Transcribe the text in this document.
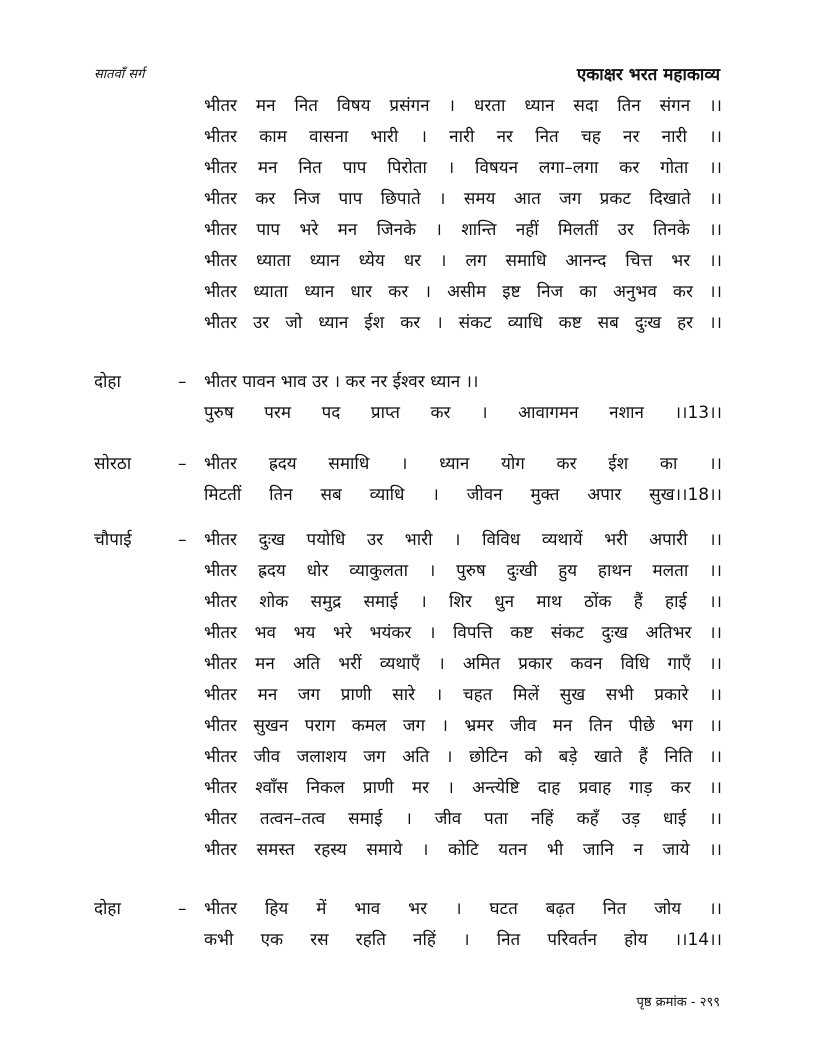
सातवाँ सर्ग	एकाक्षर भरत महाकाव्य
भीतर मन नित विषय प्रसंगन । धरता ध्यान सदा तिन संगन ।।
भीतर काम वासना भारी । नारी नर नित चह नर नारी ।।
भीतर मन नित पाप पिरोता । विषयन लगा–लगा कर गोता ।।
भीतर कर निज पाप छिपाते । समय आत जग प्रकट दिखाते ।।
भीतर पाप भरे मन जिनके । शान्ति नहीं मिलतीं उर तिनके ।।
भीतर ध्याता ध्यान ध्येय धर । लग समाधि आनन्द चित्त भर ।।
भीतर ध्याता ध्यान धार कर । असीम इष्ट निज का अनुभव कर ।।
भीतर उर जो ध्यान ईश कर । संकट व्याधि कष्ट सब दुःख हर ।।
दोहा	– भीतर पावन भाव उर । कर नर ईश्वर ध्यान ।।
पुरुष परम पद प्राप्त कर । आवागमन नशान ।।13।।
सोरठा	– भीतर ह्रदय समाधि । ध्यान योग कर ईश का ।।
मिटतीं तिन सब व्याधि । जीवन मुक्त अपार सुख।।18।।
चौपाई	– भीतर दुःख पयोधि उर भारी । विविध व्यथायें भरी अपारी ।।
भीतर ह्रदय धोर व्याकुलता । पुरुष दुःखी हुय हाथन मलता ।।
भीतर शोक समुद्र समाई । शिर धुन माथ ठोंक हैं हाई ।।
भीतर भव भय भरे भयंकर । विपत्ति कष्ट संकट दुःख अतिभर ।।
भीतर मन अति भरीं व्यथाएँ । अमित प्रकार कवन विधि गाएँ ।।
भीतर मन जग प्राणी सारे । चहत मिलें सुख सभी प्रकारे ।।
भीतर सुखन पराग कमल जग । भ्रमर जीव मन तिन पीछे भग ।।
भीतर जीव जलाशय जग अति । छोटिन को बड़े खाते हैं निति ।।
भीतर श्वाँस निकल प्राणी मर । अन्त्येष्टि दाह प्रवाह गाड़ कर ।।
भीतर तत्वन–तत्व समाई । जीव पता नहिं कहँ उड़ धाई ।।
भीतर समस्त रहस्य समाये । कोटि यतन भी जानि न जाये ।।
दोहा	– भीतर हिय में भाव भर । घटत बढ़त नित जोय ।।
कभी एक रस रहति नहिं । नित परिवर्तन होय ।।14।।
पृष्ठ क्रमांक - २९९
